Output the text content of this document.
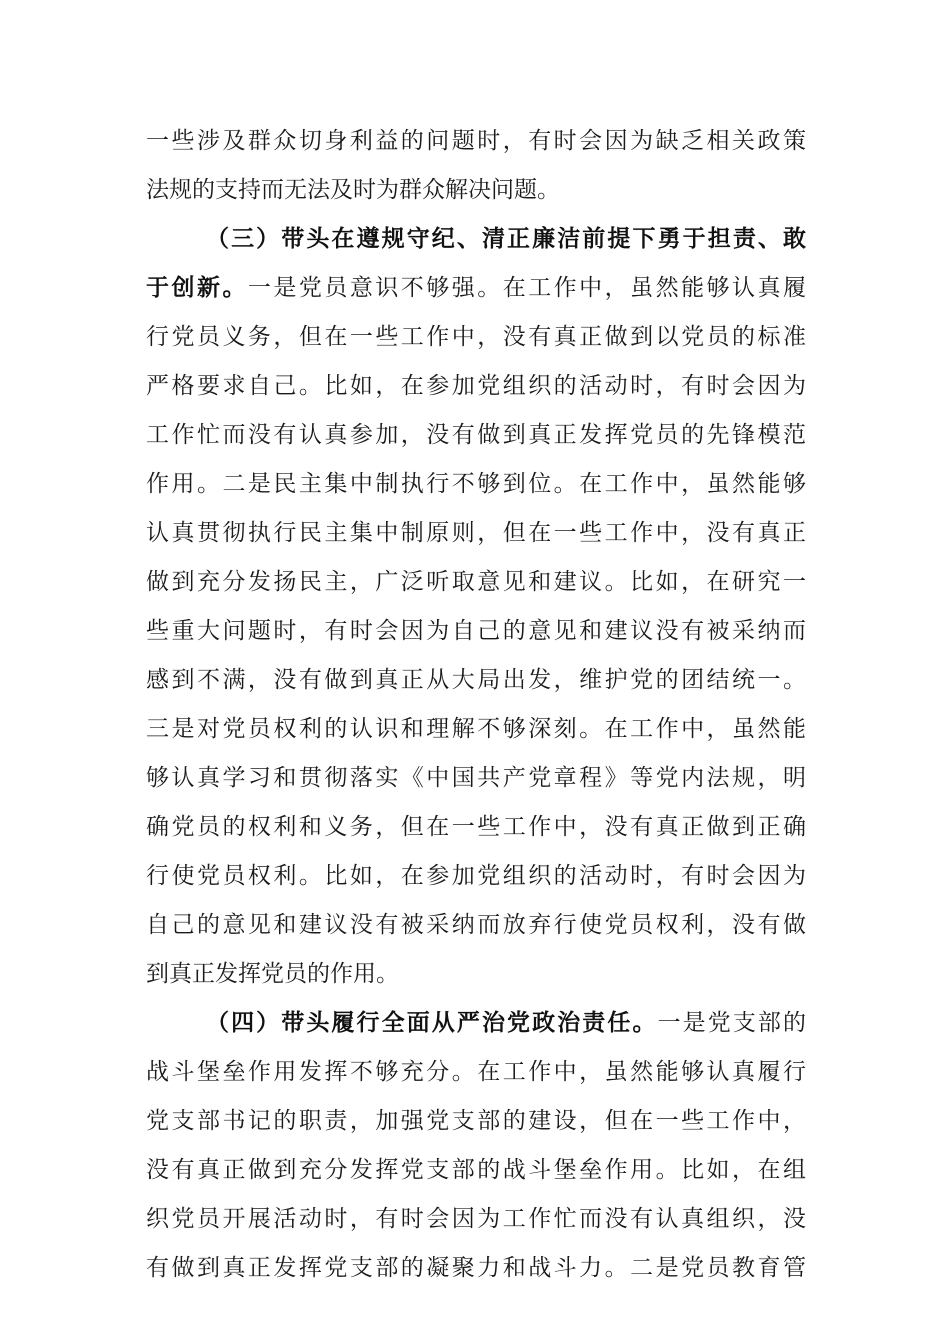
一些涉及群众切身利益的问题时，有时会因为缺乏相关政策
法规的支持而无法及时为群众解决问题。
（三）带头在遵规守纪、清正廉洁前提下勇于担责、敢
于创新。一是党员意识不够强。在工作中，虽然能够认真履
行党员义务，但在一些工作中，没有真正做到以党员的标准
严格要求自己。比如，在参加党组织的活动时，有时会因为
工作忙而没有认真参加，没有做到真正发挥党员的先锋模范
作用。二是民主集中制执行不够到位。在工作中，虽然能够
认真贯彻执行民主集中制原则，但在一些工作中，没有真正
做到充分发扬民主，广泛听取意见和建议。比如，在研究一
些重大问题时，有时会因为自己的意见和建议没有被采纳而
感到不满，没有做到真正从大局出发，维护党的团结统一。
三是对党员权利的认识和理解不够深刻。在工作中，虽然能
够认真学习和贯彻落实《中国共产党章程》等党内法规，明
确党员的权利和义务，但在一些工作中，没有真正做到正确
行使党员权利。比如，在参加党组织的活动时，有时会因为
自己的意见和建议没有被采纳而放弃行使党员权利，没有做
到真正发挥党员的作用。
（四）带头履行全面从严治党政治责任。一是党支部的
战斗堡垒作用发挥不够充分。在工作中，虽然能够认真履行
党支部书记的职责，加强党支部的建设，但在一些工作中，
没有真正做到充分发挥党支部的战斗堡垒作用。比如，在组
织党员开展活动时，有时会因为工作忙而没有认真组织，没
有做到真正发挥党支部的凝聚力和战斗力。二是党员教育管
